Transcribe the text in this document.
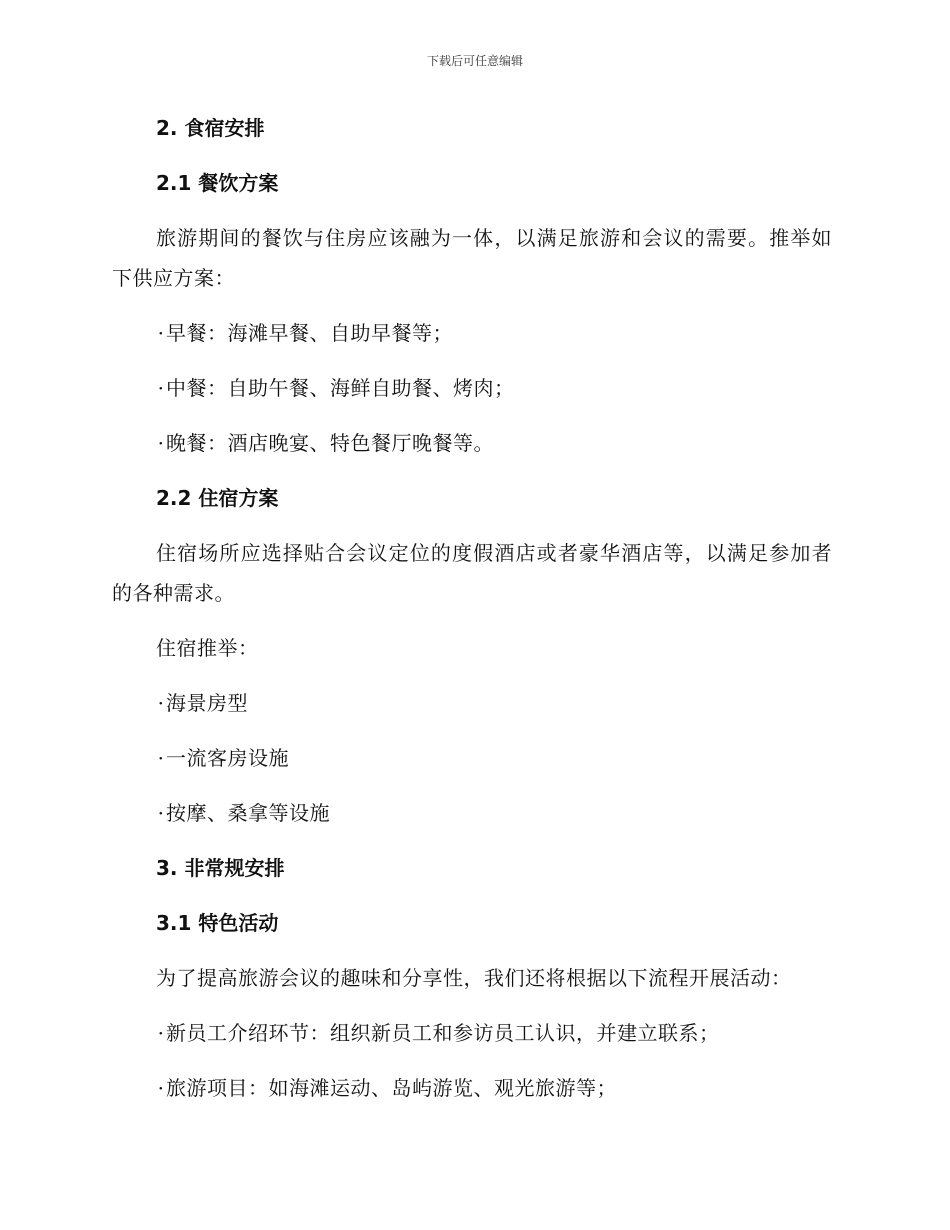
下载后可任意编辑
2. 食宿安排
2.1 餐饮方案
旅游期间的餐饮与住房应该融为一体，以满足旅游和会议的需要。推举如下供应方案：
·早餐：海滩早餐、自助早餐等；
·中餐：自助午餐、海鲜自助餐、烤肉；
·晚餐：酒店晚宴、特色餐厅晚餐等。
2.2 住宿方案
住宿场所应选择贴合会议定位的度假酒店或者豪华酒店等，以满足参加者的各种需求。
住宿推举：
·海景房型
·一流客房设施
·按摩、桑拿等设施
3. 非常规安排
3.1 特色活动
为了提高旅游会议的趣味和分享性，我们还将根据以下流程开展活动：
·新员工介绍环节：组织新员工和参访员工认识，并建立联系；
·旅游项目：如海滩运动、岛屿游览、观光旅游等；
